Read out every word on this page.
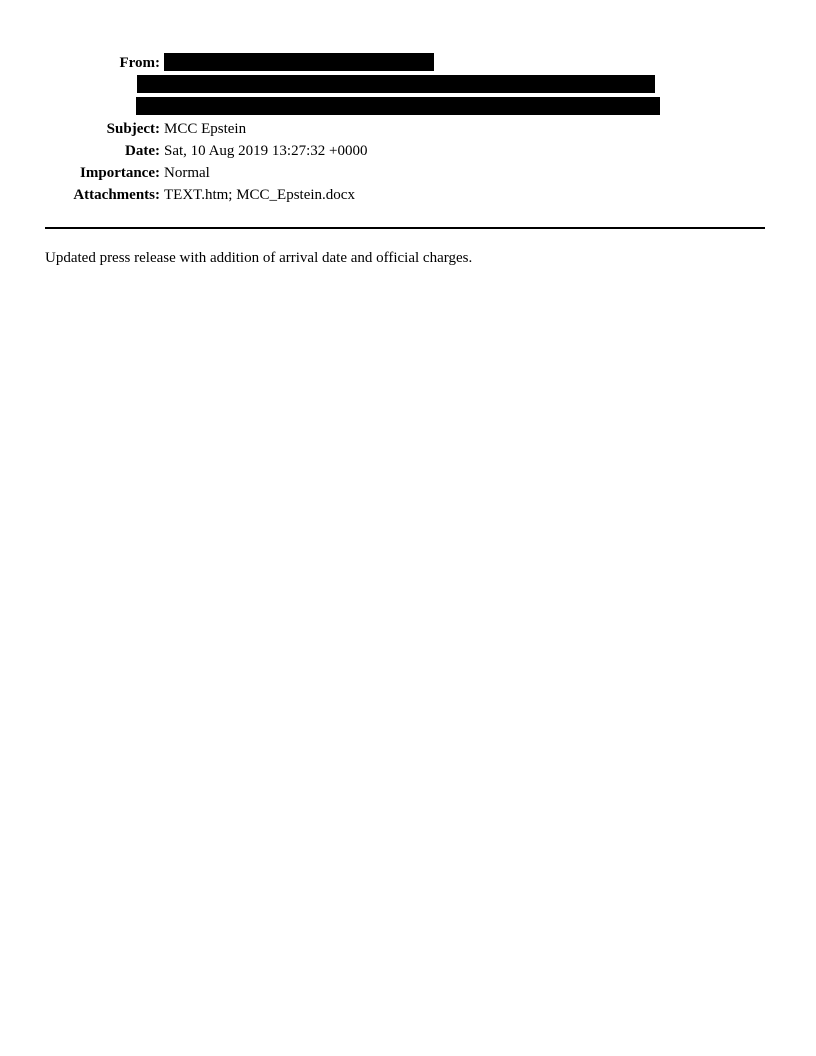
From:
Subject: MCC Epstein
Date: Sat, 10 Aug 2019 13:27:32 +0000
Importance: Normal
Attachments: TEXT.htm; MCC_Epstein.docx
Updated press release with addition of arrival date and official charges.
